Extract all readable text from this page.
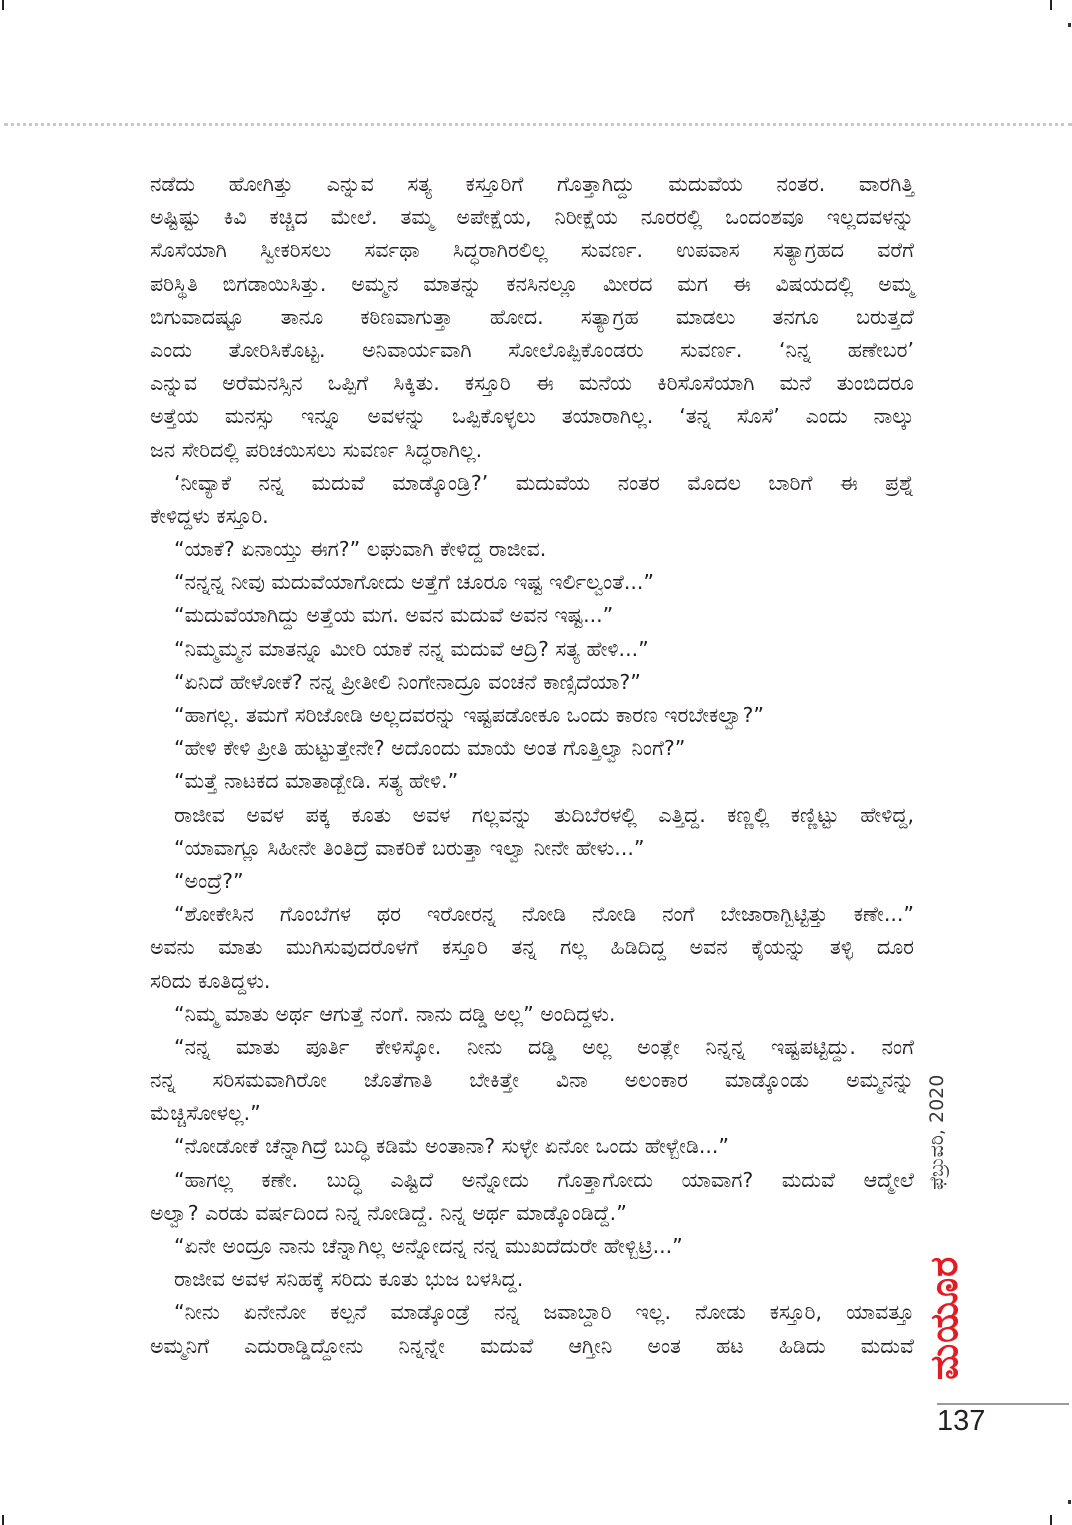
ನಡೆದು ಹೋಗಿತ್ತು ಎನ್ನುವ ಸತ್ಯ ಕಸ್ತೂರಿಗೆ ಗೊತ್ತಾಗಿದ್ದು ಮದುವೆಯ ನಂತರ. ವಾರಗಿತ್ತಿ
ಅಷ್ಟಿಷ್ಟು ಕಿವಿ ಕಚ್ಚಿದ ಮೇಲೆ. ತಮ್ಮ ಅಪೇಕ್ಷೆಯ, ನಿರೀಕ್ಷೆಯ ನೂರರಲ್ಲಿ ಒಂದಂಶವೂ ಇಲ್ಲದವಳನ್ನು
ಸೊಸೆಯಾಗಿ ಸ್ವೀಕರಿಸಲು ಸರ್ವಥಾ ಸಿದ್ಧರಾಗಿರಲಿಲ್ಲ ಸುವರ್ಣ. ಉಪವಾಸ ಸತ್ಯಾಗ್ರಹದ ವರೆಗೆ
ಪರಿಸ್ಥಿತಿ ಬಿಗಡಾಯಿಸಿತ್ತು. ಅಮ್ಮನ ಮಾತನ್ನು ಕನಸಿನಲ್ಲೂ ಮೀರದ ಮಗ ಈ ವಿಷಯದಲ್ಲಿ ಅಮ್ಮ
ಬಿಗುವಾದಷ್ಟೂ ತಾನೂ ಕಠಿಣವಾಗುತ್ತಾ ಹೋದ. ಸತ್ಯಾಗ್ರಹ ಮಾಡಲು ತನಗೂ ಬರುತ್ತದೆ
ಎಂದು ತೋರಿಸಿಕೊಟ್ಟ. ಅನಿವಾರ್ಯವಾಗಿ ಸೋಲೊಪ್ಪಿಕೊಂಡರು ಸುವರ್ಣ. ‘ನಿನ್ನ ಹಣೇಬರ’
ಎನ್ನುವ ಅರೆಮನಸ್ಸಿನ ಒಪ್ಪಿಗೆ ಸಿಕ್ಕಿತು. ಕಸ್ತೂರಿ ಈ ಮನೆಯ ಕಿರಿಸೊಸೆಯಾಗಿ ಮನೆ ತುಂಬಿದರೂ
ಅತ್ತೆಯ ಮನಸ್ಸು ಇನ್ನೂ ಅವಳನ್ನು ಒಪ್ಪಿಕೊಳ್ಳಲು ತಯಾರಾಗಿಲ್ಲ. ‘ತನ್ನ ಸೊಸೆ’ ಎಂದು ನಾಲ್ಕು
ಜನ ಸೇರಿದಲ್ಲಿ ಪರಿಚಯಿಸಲು ಸುವರ್ಣ ಸಿದ್ಧರಾಗಿಲ್ಲ.
‘ನೀವ್ಯಾಕೆ ನನ್ನ ಮದುವೆ ಮಾಡ್ಕೊಂಡ್ರಿ?’ ಮದುವೆಯ ನಂತರ ಮೊದಲ ಬಾರಿಗೆ ಈ ಪ್ರಶ್ನೆ
ಕೇಳಿದ್ದಳು ಕಸ್ತೂರಿ.
“ಯಾಕೆ? ಏನಾಯ್ತು ಈಗ?” ಲಘುವಾಗಿ ಕೇಳಿದ್ದ ರಾಜೀವ.
“ನನ್ನನ್ನ ನೀವು ಮದುವೆಯಾಗೋದು ಅತ್ತೆಗೆ ಚೂರೂ ಇಷ್ಟ ಇರ್ಲಿಲ್ವಂತೆ...”
“ಮದುವೆಯಾಗಿದ್ದು ಅತ್ತೆಯ ಮಗ. ಅವನ ಮದುವೆ ಅವನ ಇಷ್ಟ...”
“ನಿಮ್ಮಮ್ಮನ ಮಾತನ್ನೂ ಮೀರಿ ಯಾಕೆ ನನ್ನ ಮದುವೆ ಆದ್ರಿ? ಸತ್ಯ ಹೇಳಿ...”
“ಏನಿದೆ ಹೇಳೋಕೆ? ನನ್ನ ಪ್ರೀತೀಲಿ ನಿಂಗೇನಾದ್ರೂ ವಂಚನೆ ಕಾಣ್ಸಿದೆಯಾ?”
“ಹಾಗಲ್ಲ. ತಮಗೆ ಸರಿಜೋಡಿ ಅಲ್ಲದವರನ್ನು ಇಷ್ಟಪಡೋಕೂ ಒಂದು ಕಾರಣ ಇರಬೇಕಲ್ವಾ?”
“ಹೇಳಿ ಕೇಳಿ ಪ್ರೀತಿ ಹುಟ್ಟುತ್ತೇನೇ? ಅದೊಂದು ಮಾಯೆ ಅಂತ ಗೊತ್ತಿಲ್ವಾ ನಿಂಗೆ?”
“ಮತ್ತೆ ನಾಟಕದ ಮಾತಾಡ್ಬೇಡಿ. ಸತ್ಯ ಹೇಳಿ.”
ರಾಜೀವ ಅವಳ ಪಕ್ಕ ಕೂತು ಅವಳ ಗಲ್ಲವನ್ನು ತುದಿಬೆರಳಲ್ಲಿ ಎತ್ತಿದ್ದ. ಕಣ್ಣಲ್ಲಿ ಕಣ್ಣಿಟ್ಟು ಹೇಳಿದ್ದ,
“ಯಾವಾಗ್ಲೂ ಸಿಹೀನೇ ತಿಂತಿದ್ರೆ ವಾಕರಿಕೆ ಬರುತ್ತಾ ಇಲ್ವಾ ನೀನೇ ಹೇಳು...”
“ಅಂದ್ರೆ?”
“ಶೋಕೇಸಿನ ಗೊಂಬೆಗಳ ಥರ ಇರೋರನ್ನ ನೋಡಿ ನೋಡಿ ನಂಗೆ ಬೇಜಾರಾಗ್ಬಿಟ್ಟಿತ್ತು ಕಣೇ...”
ಅವನು ಮಾತು ಮುಗಿಸುವುದರೊಳಗೆ ಕಸ್ತೂರಿ ತನ್ನ ಗಲ್ಲ ಹಿಡಿದಿದ್ದ ಅವನ ಕೈಯನ್ನು ತಳ್ಳಿ ದೂರ
ಸರಿದು ಕೂತಿದ್ದಳು.
“ನಿಮ್ಮ ಮಾತು ಅರ್ಥ ಆಗುತ್ತೆ ನಂಗೆ. ನಾನು ದಡ್ಡಿ ಅಲ್ಲ” ಅಂದಿದ್ದಳು.
“ನನ್ನ ಮಾತು ಪೂರ್ತಿ ಕೇಳಿಸ್ಕೋ. ನೀನು ದಡ್ಡಿ ಅಲ್ಲ ಅಂತ್ಲೇ ನಿನ್ನನ್ನ ಇಷ್ಟಪಟ್ಟಿದ್ದು. ನಂಗೆ
ನನ್ನ ಸರಿಸಮವಾಗಿರೋ ಜೊತೆಗಾತಿ ಬೇಕಿತ್ತೇ ವಿನಾ ಅಲಂಕಾರ ಮಾಡ್ಕೊಂಡು ಅಮ್ಮನನ್ನು
ಮೆಚ್ಚಿಸೋಳಲ್ಲ.”
“ನೋಡೋಕೆ ಚೆನ್ನಾಗಿದ್ರೆ ಬುದ್ಧಿ ಕಡಿಮೆ ಅಂತಾನಾ? ಸುಳ್ಳೇ ಏನೋ ಒಂದು ಹೇಳ್ಬೇಡಿ...”
“ಹಾಗಲ್ಲ ಕಣೇ. ಬುದ್ಧಿ ಎಷ್ಟಿದೆ ಅನ್ನೋದು ಗೊತ್ತಾಗೋದು ಯಾವಾಗ? ಮದುವೆ ಆದ್ಮೇಲೆ
ಅಲ್ವಾ? ಎರಡು ವರ್ಷದಿಂದ ನಿನ್ನ ನೋಡಿದ್ದೆ. ನಿನ್ನ ಅರ್ಥ ಮಾಡ್ಕೊಂಡಿದ್ದೆ.”
“ಏನೇ ಅಂದ್ರೂ ನಾನು ಚೆನ್ನಾಗಿಲ್ಲ ಅನ್ನೋದನ್ನ ನನ್ನ ಮುಖದೆದುರೇ ಹೇಳ್ಬಿಟ್ರಿ...”
ರಾಜೀವ ಅವಳ ಸನಿಹಕ್ಕೆ ಸರಿದು ಕೂತು ಭುಜ ಬಳಸಿದ್ದ.
“ನೀನು ಏನೇನೋ ಕಲ್ಪನೆ ಮಾಡ್ಕೊಂಡ್ರೆ ನನ್ನ ಜವಾಬ್ದಾರಿ ಇಲ್ಲ. ನೋಡು ಕಸ್ತೂರಿ, ಯಾವತ್ತೂ
ಅಮ್ಮನಿಗೆ ಎದುರಾಡ್ಡಿದ್ದೋನು ನಿನ್ನನ್ನೇ ಮದುವೆ ಆಗ್ತೀನಿ ಅಂತ ಹಟ ಹಿಡಿದು ಮದುವೆ
ಫೆಬ್ರುವರಿ, 2020
ಮಯೂರ
137
